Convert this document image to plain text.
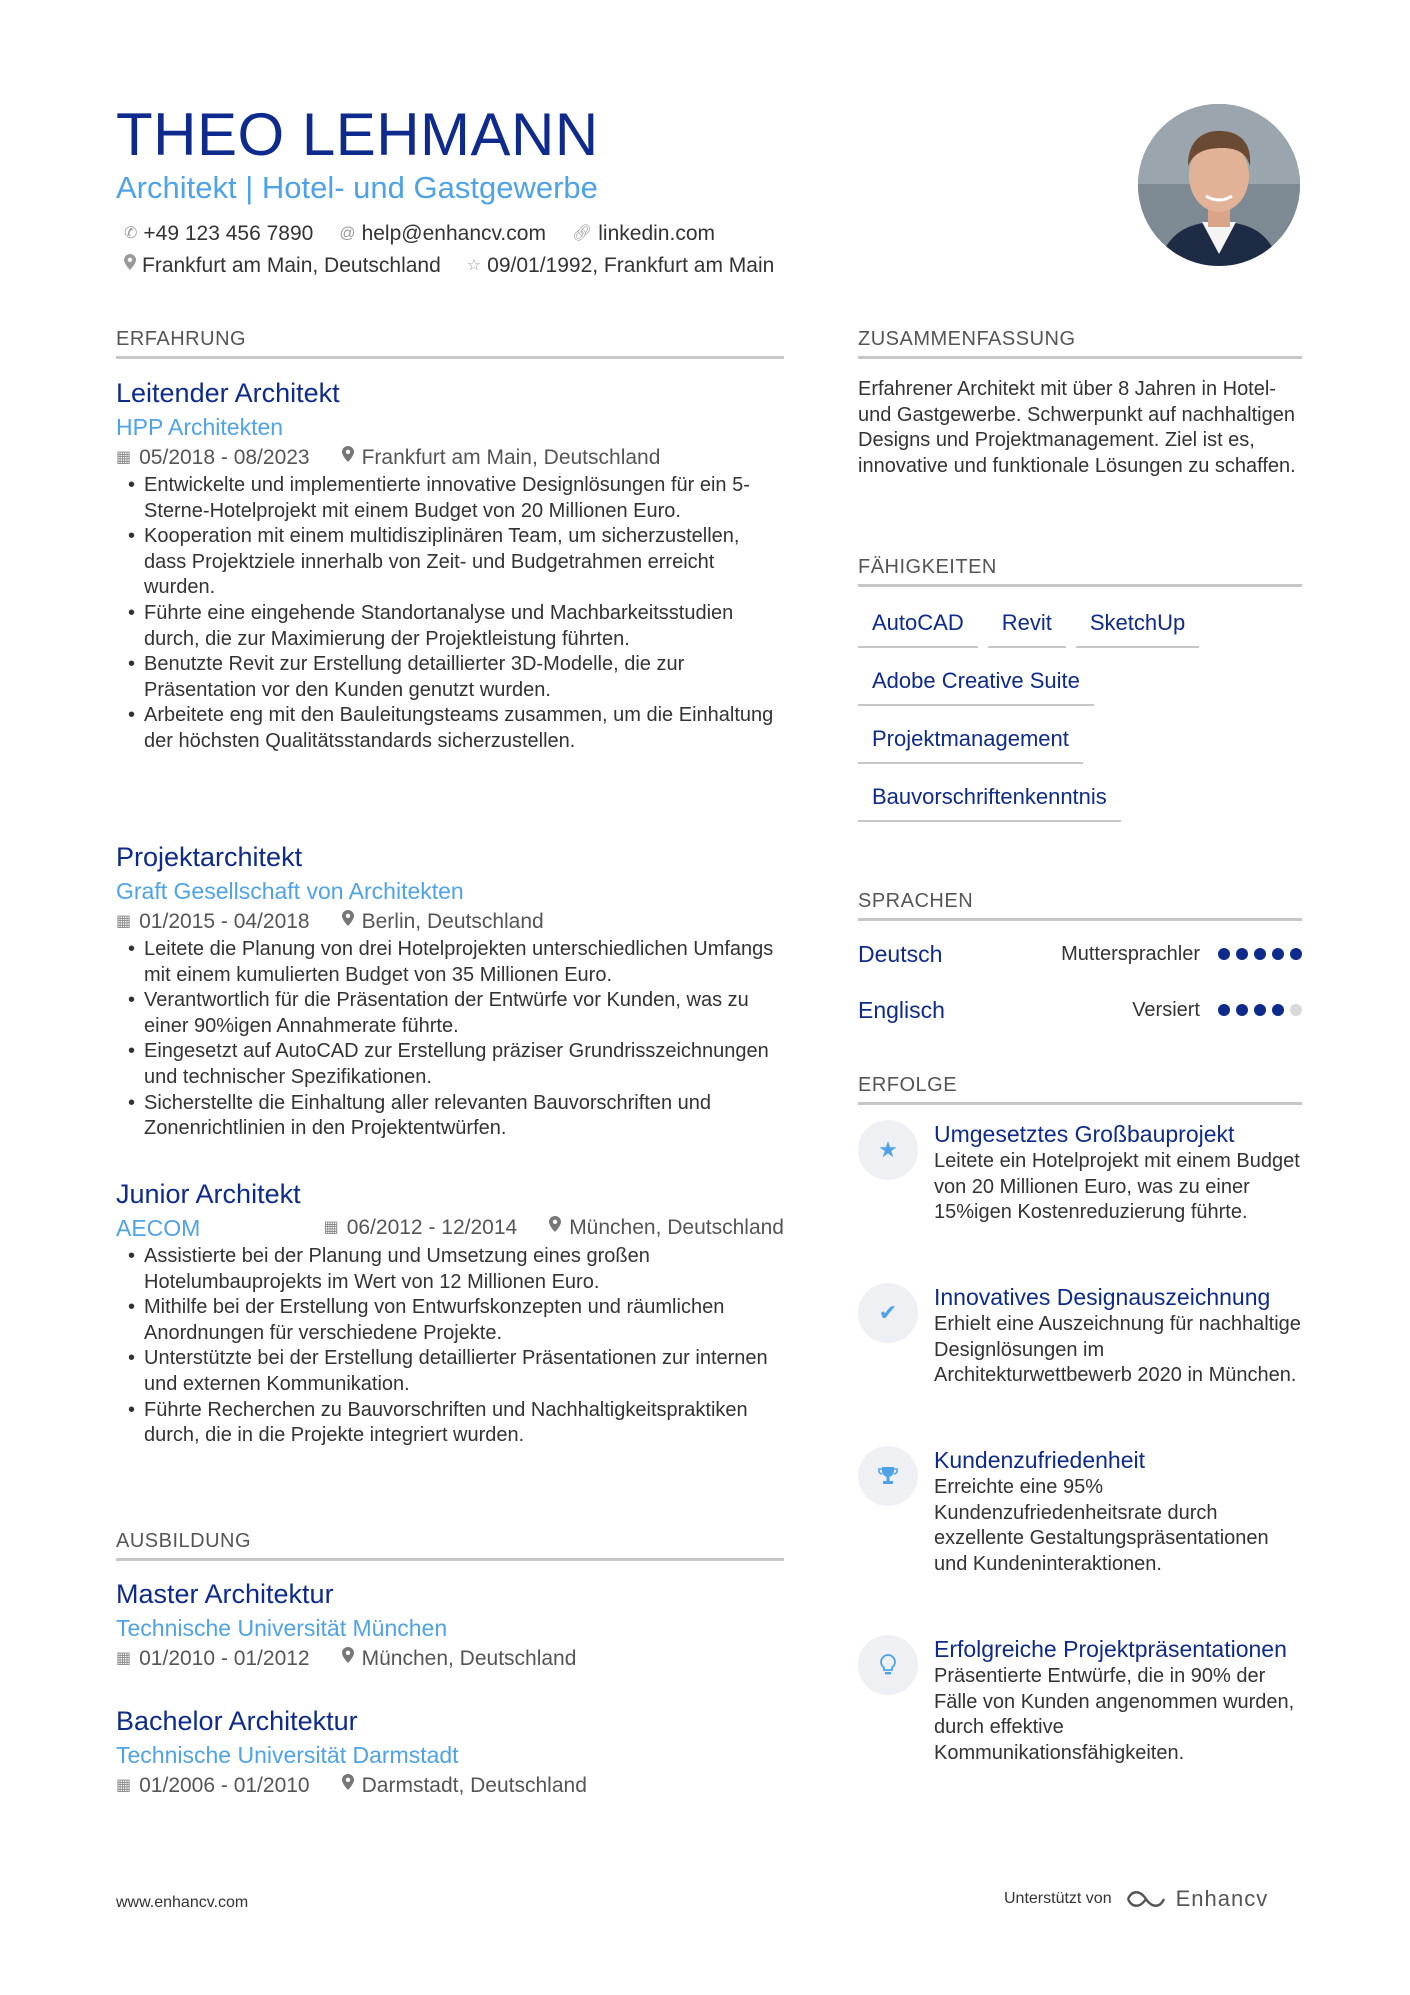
THEO LEHMANN
Architekt | Hotel- und Gastgewerbe
✆ +49 123 456 7890 @ help@enhancv.com 🔗︎ linkedin.com
Frankfurt am Main, Deutschland ☆ 09/01/1992, Frankfurt am Main
ERFAHRUNG
Leitender Architekt
HPP Architekten
▦ 05/2018 - 08/2023 Frankfurt am Main, Deutschland
• Entwickelte und implementierte innovative Designlösungen für ein 5-Sterne-Hotelprojekt mit einem Budget von 20 Millionen Euro.
• Kooperation mit einem multidisziplinären Team, um sicherzustellen, dass Projektziele innerhalb von Zeit- und Budgetrahmen erreicht wurden.
• Führte eine eingehende Standortanalyse und Machbarkeitsstudien durch, die zur Maximierung der Projektleistung führten.
• Benutzte Revit zur Erstellung detaillierter 3D-Modelle, die zur Präsentation vor den Kunden genutzt wurden.
• Arbeitete eng mit den Bauleitungsteams zusammen, um die Einhaltung der höchsten Qualitätsstandards sicherzustellen.
Projektarchitekt
Graft Gesellschaft von Architekten
▦ 01/2015 - 04/2018 Berlin, Deutschland
• Leitete die Planung von drei Hotelprojekten unterschiedlichen Umfangs mit einem kumulierten Budget von 35 Millionen Euro.
• Verantwortlich für die Präsentation der Entwürfe vor Kunden, was zu einer 90%igen Annahmerate führte.
• Eingesetzt auf AutoCAD zur Erstellung präziser Grundrisszeichnungen und technischer Spezifikationen.
• Sicherstellte die Einhaltung aller relevanten Bauvorschriften und Zonenrichtlinien in den Projektentwürfen.
Junior Architekt
AECOM	▦ 06/2012 - 12/2014 München, Deutschland
• Assistierte bei der Planung und Umsetzung eines großen Hotelumbauprojekts im Wert von 12 Millionen Euro.
• Mithilfe bei der Erstellung von Entwurfskonzepten und räumlichen Anordnungen für verschiedene Projekte.
• Unterstützte bei der Erstellung detaillierter Präsentationen zur internen und externen Kommunikation.
• Führte Recherchen zu Bauvorschriften und Nachhaltigkeitspraktiken durch, die in die Projekte integriert wurden.
AUSBILDUNG
Master Architektur
Technische Universität München
▦ 01/2010 - 01/2012 München, Deutschland
Bachelor Architektur
Technische Universität Darmstadt
▦ 01/2006 - 01/2010 Darmstadt, Deutschland
ZUSAMMENFASSUNG
Erfahrener Architekt mit über 8 Jahren in Hotel- und Gastgewerbe. Schwerpunkt auf nachhaltigen Designs und Projektmanagement. Ziel ist es, innovative und funktionale Lösungen zu schaffen.
FÄHIGKEITEN
AutoCAD Revit SketchUp
Adobe Creative Suite
Projektmanagement
Bauvorschriftenkenntnis
SPRACHEN
Deutsch	Muttersprachler
Englisch	Versiert
ERFOLGE
★
Umgesetztes Großbauprojekt
Leitete ein Hotelprojekt mit einem Budget von 20 Millionen Euro, was zu einer 15%igen Kostenreduzierung führte.
✔
Innovatives Designauszeichnung
Erhielt eine Auszeichnung für nachhaltige Designlösungen im Architekturwettbewerb 2020 in München.
Kundenzufriedenheit
Erreichte eine 95% Kundenzufriedenheitsrate durch exzellente Gestaltungspräsentationen und Kundeninteraktionen.
Erfolgreiche Projektpräsentationen
Präsentierte Entwürfe, die in 90% der Fälle von Kunden angenommen wurden, durch effektive Kommunikationsfähigkeiten.
www.enhancv.com	Unterstützt von	Enhancv
